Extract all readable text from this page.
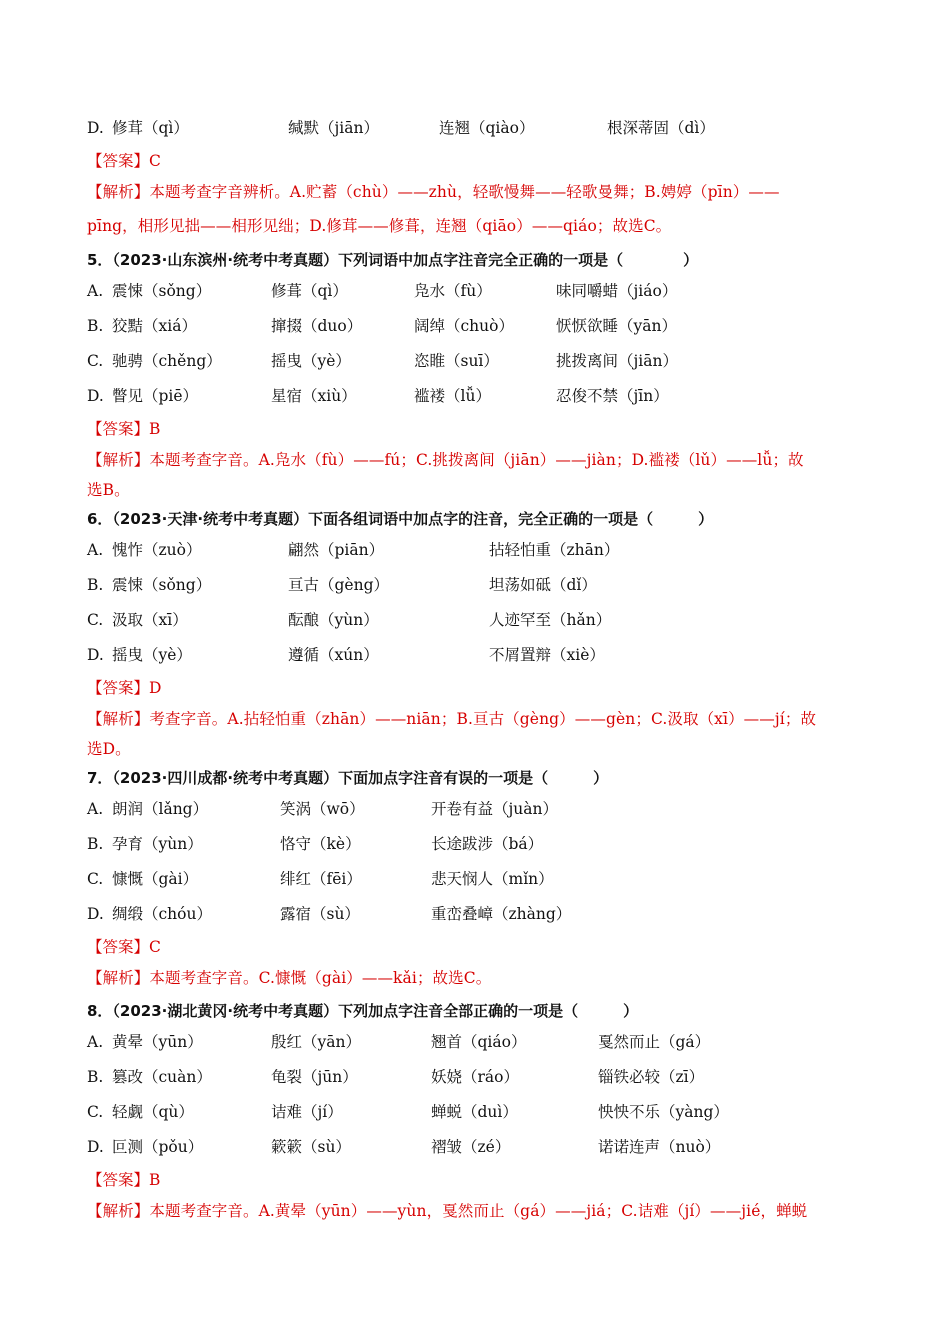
D. 修茸（qì）	缄默（jiān）	连翘（qiào）	根深蒂固（dì）
【答案】C
【解析】本题考查字音辨析。A.贮蓄（chù）——zhù，轻歌慢舞——轻歌曼舞；B.娉婷（pīn）——
pīng，相形见拙——相形见绌；D.修茸——修葺，连翘（qiāo）——qiáo；故选C。
5．（2023·山东滨州·统考中考真题）下列词语中加点字注音完全正确的一项是（　　　　）
A. 震悚（sǒng）	修葺（qì）	凫水（fù）	味同嚼蜡（jiáo）
B. 狡黠（xiá）	撺掇（duo）	阔绰（chuò）	恹恹欲睡（yān）
C. 驰骋（chěng）	摇曳（yè）	恣睢（suī）	挑拨离间（jiān）
D. 瞥见（piē）	星宿（xiù）	褴褛（lǚ）	忍俊不禁（jīn）
【答案】B
【解析】本题考查字音。A.凫水（fù）——fú；C.挑拨离间（jiān）——jiàn；D.褴褛（lǔ）——lǚ；故
选B。
6．（2023·天津·统考中考真题）下面各组词语中加点字的注音，完全正确的一项是（　　　）
A. 愧怍（zuò）	翩然（piān）	拈轻怕重（zhān）
B. 震悚（sǒng）	亘古（gèng）	坦荡如砥（dǐ）
C. 汲取（xī）	酝酿（yùn）	人迹罕至（hǎn）
D. 摇曳（yè）	遵循（xún）	不屑置辩（xiè）
【答案】D
【解析】考查字音。A.拈轻怕重（zhān）——niān；B.亘古（gèng）——gèn；C.汲取（xī）——jí；故
选D。
7．（2023·四川成都·统考中考真题）下面加点字注音有误的一项是（　　　）
A. 朗润（lǎng）	笑涡（wō）	开卷有益（juàn）
B. 孕育（yùn）	恪守（kè）	长途跋涉（bá）
C. 慷慨（gài）	绯红（fēi）	悲天悯人（mǐn）
D. 绸缎（chóu）	露宿（sù）	重峦叠嶂（zhàng）
【答案】C
【解析】本题考查字音。C.慷慨（gài）——kǎi；故选C。
8．（2023·湖北黄冈·统考中考真题）下列加点字注音全部正确的一项是（　　　）
A. 黄晕（yūn）	殷红（yān）	翘首（qiáo）	戛然而止（gá）
B. 篡改（cuàn）	龟裂（jūn）	妖娆（ráo）	锱铁必较（zī）
C. 轻觑（qù）	诘难（jí）	蝉蜕（duì）	怏怏不乐（yàng）
D. 叵测（pǒu）	簌簌（sù）	褶皱（zé）	诺诺连声（nuò）
【答案】B
【解析】本题考查字音。A.黄晕（yūn）——yùn，戛然而止（gá）——jiá；C.诘难（jí）——jié，蝉蜕
